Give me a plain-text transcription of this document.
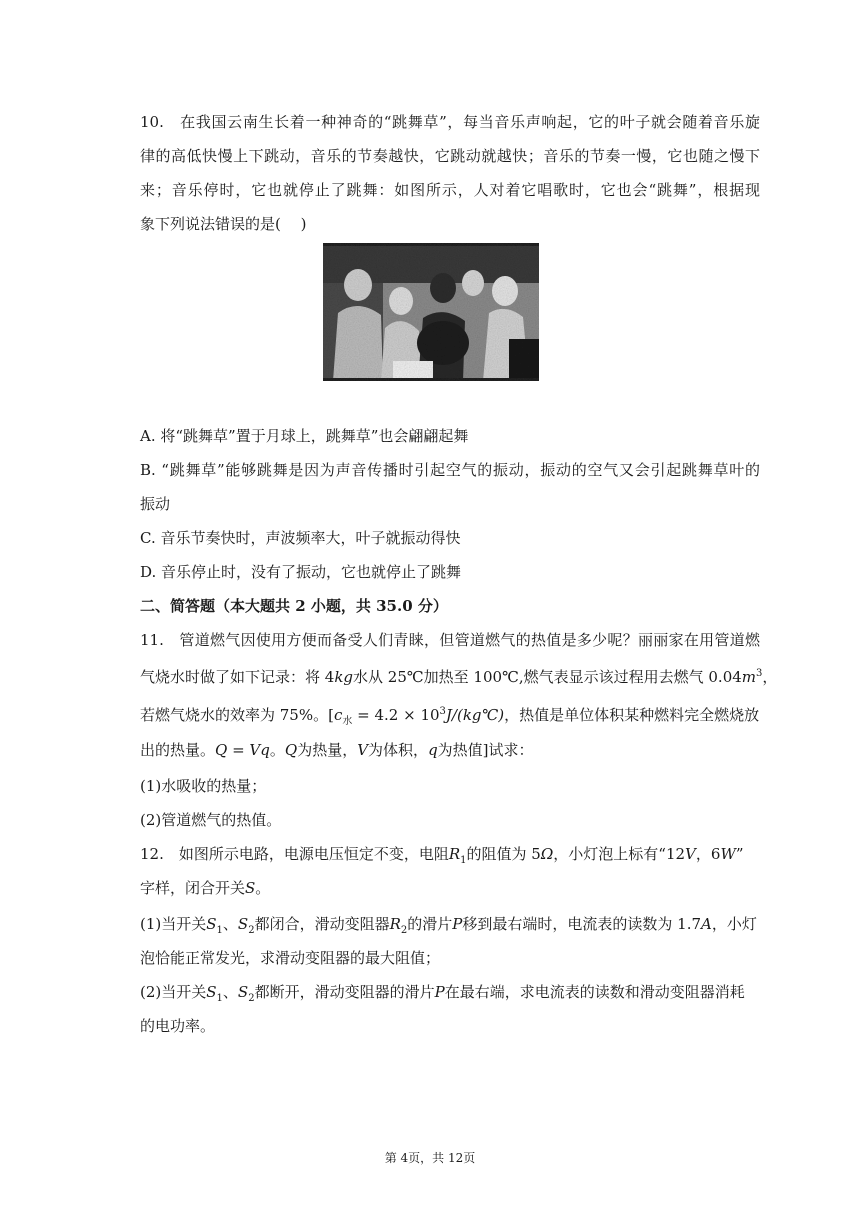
10.　在我国云南生长着一种神奇的“跳舞草”，每当音乐声响起，它的叶子就会随着音乐旋
律的高低快慢上下跳动，音乐的节奏越快，它跳动就越快；音乐的节奏一慢，它也随之慢下
来；音乐停时，它也就停止了跳舞：如图所示，人对着它唱歌时，它也会“跳舞”，根据现
象下列说法错误的是(　 )
A. 将“跳舞草”置于月球上，跳舞草”也会翩翩起舞
B. “跳舞草”能够跳舞是因为声音传播时引起空气的振动，振动的空气又会引起跳舞草叶的
振动
C. 音乐节奏快时，声波频率大，叶子就振动得快
D. 音乐停止时，没有了振动，它也就停止了跳舞
二、简答题（本大题共 2 小题，共 35.0 分）
11.　管道燃气因使用方便而备受人们青睐，但管道燃气的热值是多少呢？丽丽家在用管道燃
气烧水时做了如下记录：将 4kg水从 25℃加热至 100℃,燃气表显示该过程用去燃气 $0.04m^3$，
若燃气烧水的效率为 75%。[$c_水 = 4.2$ × $10^3J/(kg℃)$，热值是单位体积某种燃料完全燃烧放
出的热量。Q = Vq。Q为热量，V为体积，q为热值]试求：
(1)水吸收的热量；
(2)管道燃气的热值。
12.　如图所示电路，电源电压恒定不变，电阻$R_1$的阻值为 5Ω，小灯泡上标有“12V，6W”
字样，闭合开关S。
(1)当开关$S_1$、$S_2$都闭合，滑动变阻器$R_2$的滑片P移到最右端时，电流表的读数为 1.7A，小灯
泡恰能正常发光，求滑动变阻器的最大阻值；
(2)当开关$S_1$、$S_2$都断开，滑动变阻器的滑片P在最右端，求电流表的读数和滑动变阻器消耗
的电功率。
第 4页，共 12页
